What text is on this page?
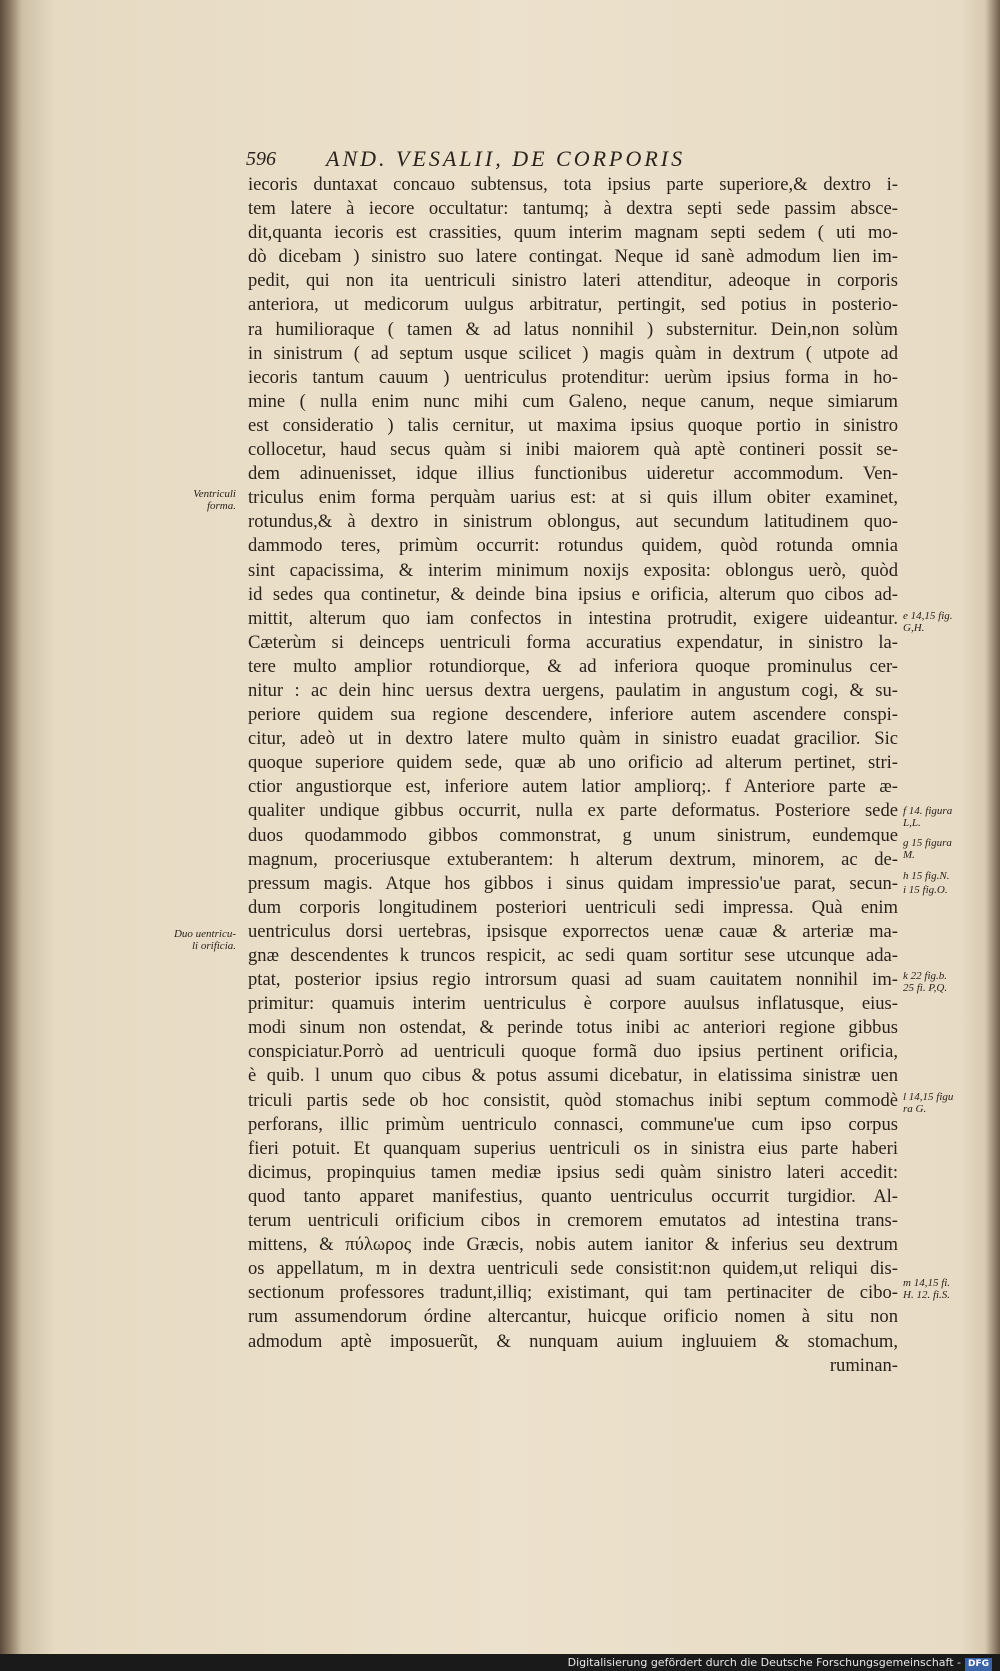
596 AND. VESALII, DE CORPORIS
iecoris duntaxat concauo subtensus, tota ipsius parte superiore,& dextro i-
tem latere à iecore occultatur: tantumq; à dextra septi sede passim absce-
dit,quanta iecoris est crassities, quum interim magnam septi sedem ( uti mo-
dò dicebam ) sinistro suo latere contingat. Neque id sanè admodum lien im-
pedit, qui non ita uentriculi sinistro lateri attenditur, adeoque in corporis
anteriora, ut medicorum uulgus arbitratur, pertingit, sed potius in posterio-
ra humilioraque ( tamen & ad latus nonnihil ) substernitur. Dein,non solùm
in sinistrum ( ad septum usque scilicet ) magis quàm in dextrum ( utpote ad
iecoris tantum cauum ) uentriculus protenditur: uerùm ipsius forma in ho-
mine ( nulla enim nunc mihi cum Galeno, neque canum, neque simiarum
est consideratio ) talis cernitur, ut maxima ipsius quoque portio in sinistro
collocetur, haud secus quàm si inibi maiorem quà aptè contineri possit se-
dem adinuenisset, idque illius functionibus uideretur accommodum. Ven-
triculus enim forma perquàm uarius est: at si quis illum obiter examinet,
rotundus,& à dextro in sinistrum oblongus, aut secundum latitudinem quo-
dammodo teres, primùm occurrit: rotundus quidem, quòd rotunda omnia
sint capacissima, & interim minimum noxijs exposita: oblongus uerò, quòd
id sedes qua continetur, & deinde bina ipsius e orificia, alterum quo cibos ad-
mittit, alterum quo iam confectos in intestina protrudit, exigere uideantur.
Cæterùm si deinceps uentriculi forma accuratius expendatur, in sinistro la-
tere multo amplior rotundiorque, & ad inferiora quoque prominulus cer-
nitur : ac dein hinc uersus dextra uergens, paulatim in angustum cogi, & su-
periore quidem sua regione descendere, inferiore autem ascendere conspi-
citur, adeò ut in dextro latere multo quàm in sinistro euadat gracilior. Sic
quoque superiore quidem sede, quæ ab uno orificio ad alterum pertinet, stri-
ctior angustiorque est, inferiore autem latior ampliorq;. f Anteriore parte æ-
qualiter undique gibbus occurrit, nulla ex parte deformatus. Posteriore sede
duos quodammodo gibbos commonstrat, g unum sinistrum, eundemque
magnum, proceriusque extuberantem: h alterum dextrum, minorem, ac de-
pressum magis. Atque hos gibbos i sinus quidam impressio'ue parat, secun-
dum corporis longitudinem posteriori uentriculi sedi impressa. Quà enim
uentriculus dorsi uertebras, ipsisque exporrectos uenæ cauæ & arteriæ ma-
gnæ descendentes k truncos respicit, ac sedi quam sortitur sese utcunque ada-
ptat, posterior ipsius regio introrsum quasi ad suam cauitatem nonnihil im-
primitur: quamuis interim uentriculus è corpore auulsus inflatusque, eius-
modi sinum non ostendat, & perinde totus inibi ac anteriori regione gibbus
conspiciatur.Porrò ad uentriculi quoque formã duo ipsius pertinent orificia,
è quib. l unum quo cibus & potus assumi dicebatur, in elatissima sinistræ uen
triculi partis sede ob hoc consistit, quòd stomachus inibi septum commodè
perforans, illic primùm uentriculo connasci, commune'ue cum ipso corpus
fieri potuit. Et quanquam superius uentriculi os in sinistra eius parte haberi
dicimus, propinquius tamen mediæ ipsius sedi quàm sinistro lateri accedit:
quod tanto apparet manifestius, quanto uentriculus occurrit turgidior. Al-
terum uentriculi orificium cibos in cremorem emutatos ad intestina trans-
mittens, & πύλωρος inde Græcis, nobis autem ianitor & inferius seu dextrum
os appellatum, m in dextra uentriculi sede consistit:non quidem,ut reliqui dis-
sectionum professores tradunt,illiq; existimant, qui tam pertinaciter de cibo-
rum assumendorum órdine altercantur, huicque orificio nomen à situ non
admodum aptè imposuerũt, & nunquam auium ingluuiem & stomachum,
ruminan-
Ventriculi
forma.
Duo uentricu-
li orificia.
e 14,15 fig.
G,H.
f 14. figura
L,L.
g 15 figura
M.
h 15 fig.N.
i 15 fig.O.
k 22 fig.b.
25 fi. P,Q.
l 14,15 figu
ra G.
m 14,15 fi.
H. 12. fi.S.
Digitalisierung gefördert durch die Deutsche Forschungsgemeinschaft - DFG
